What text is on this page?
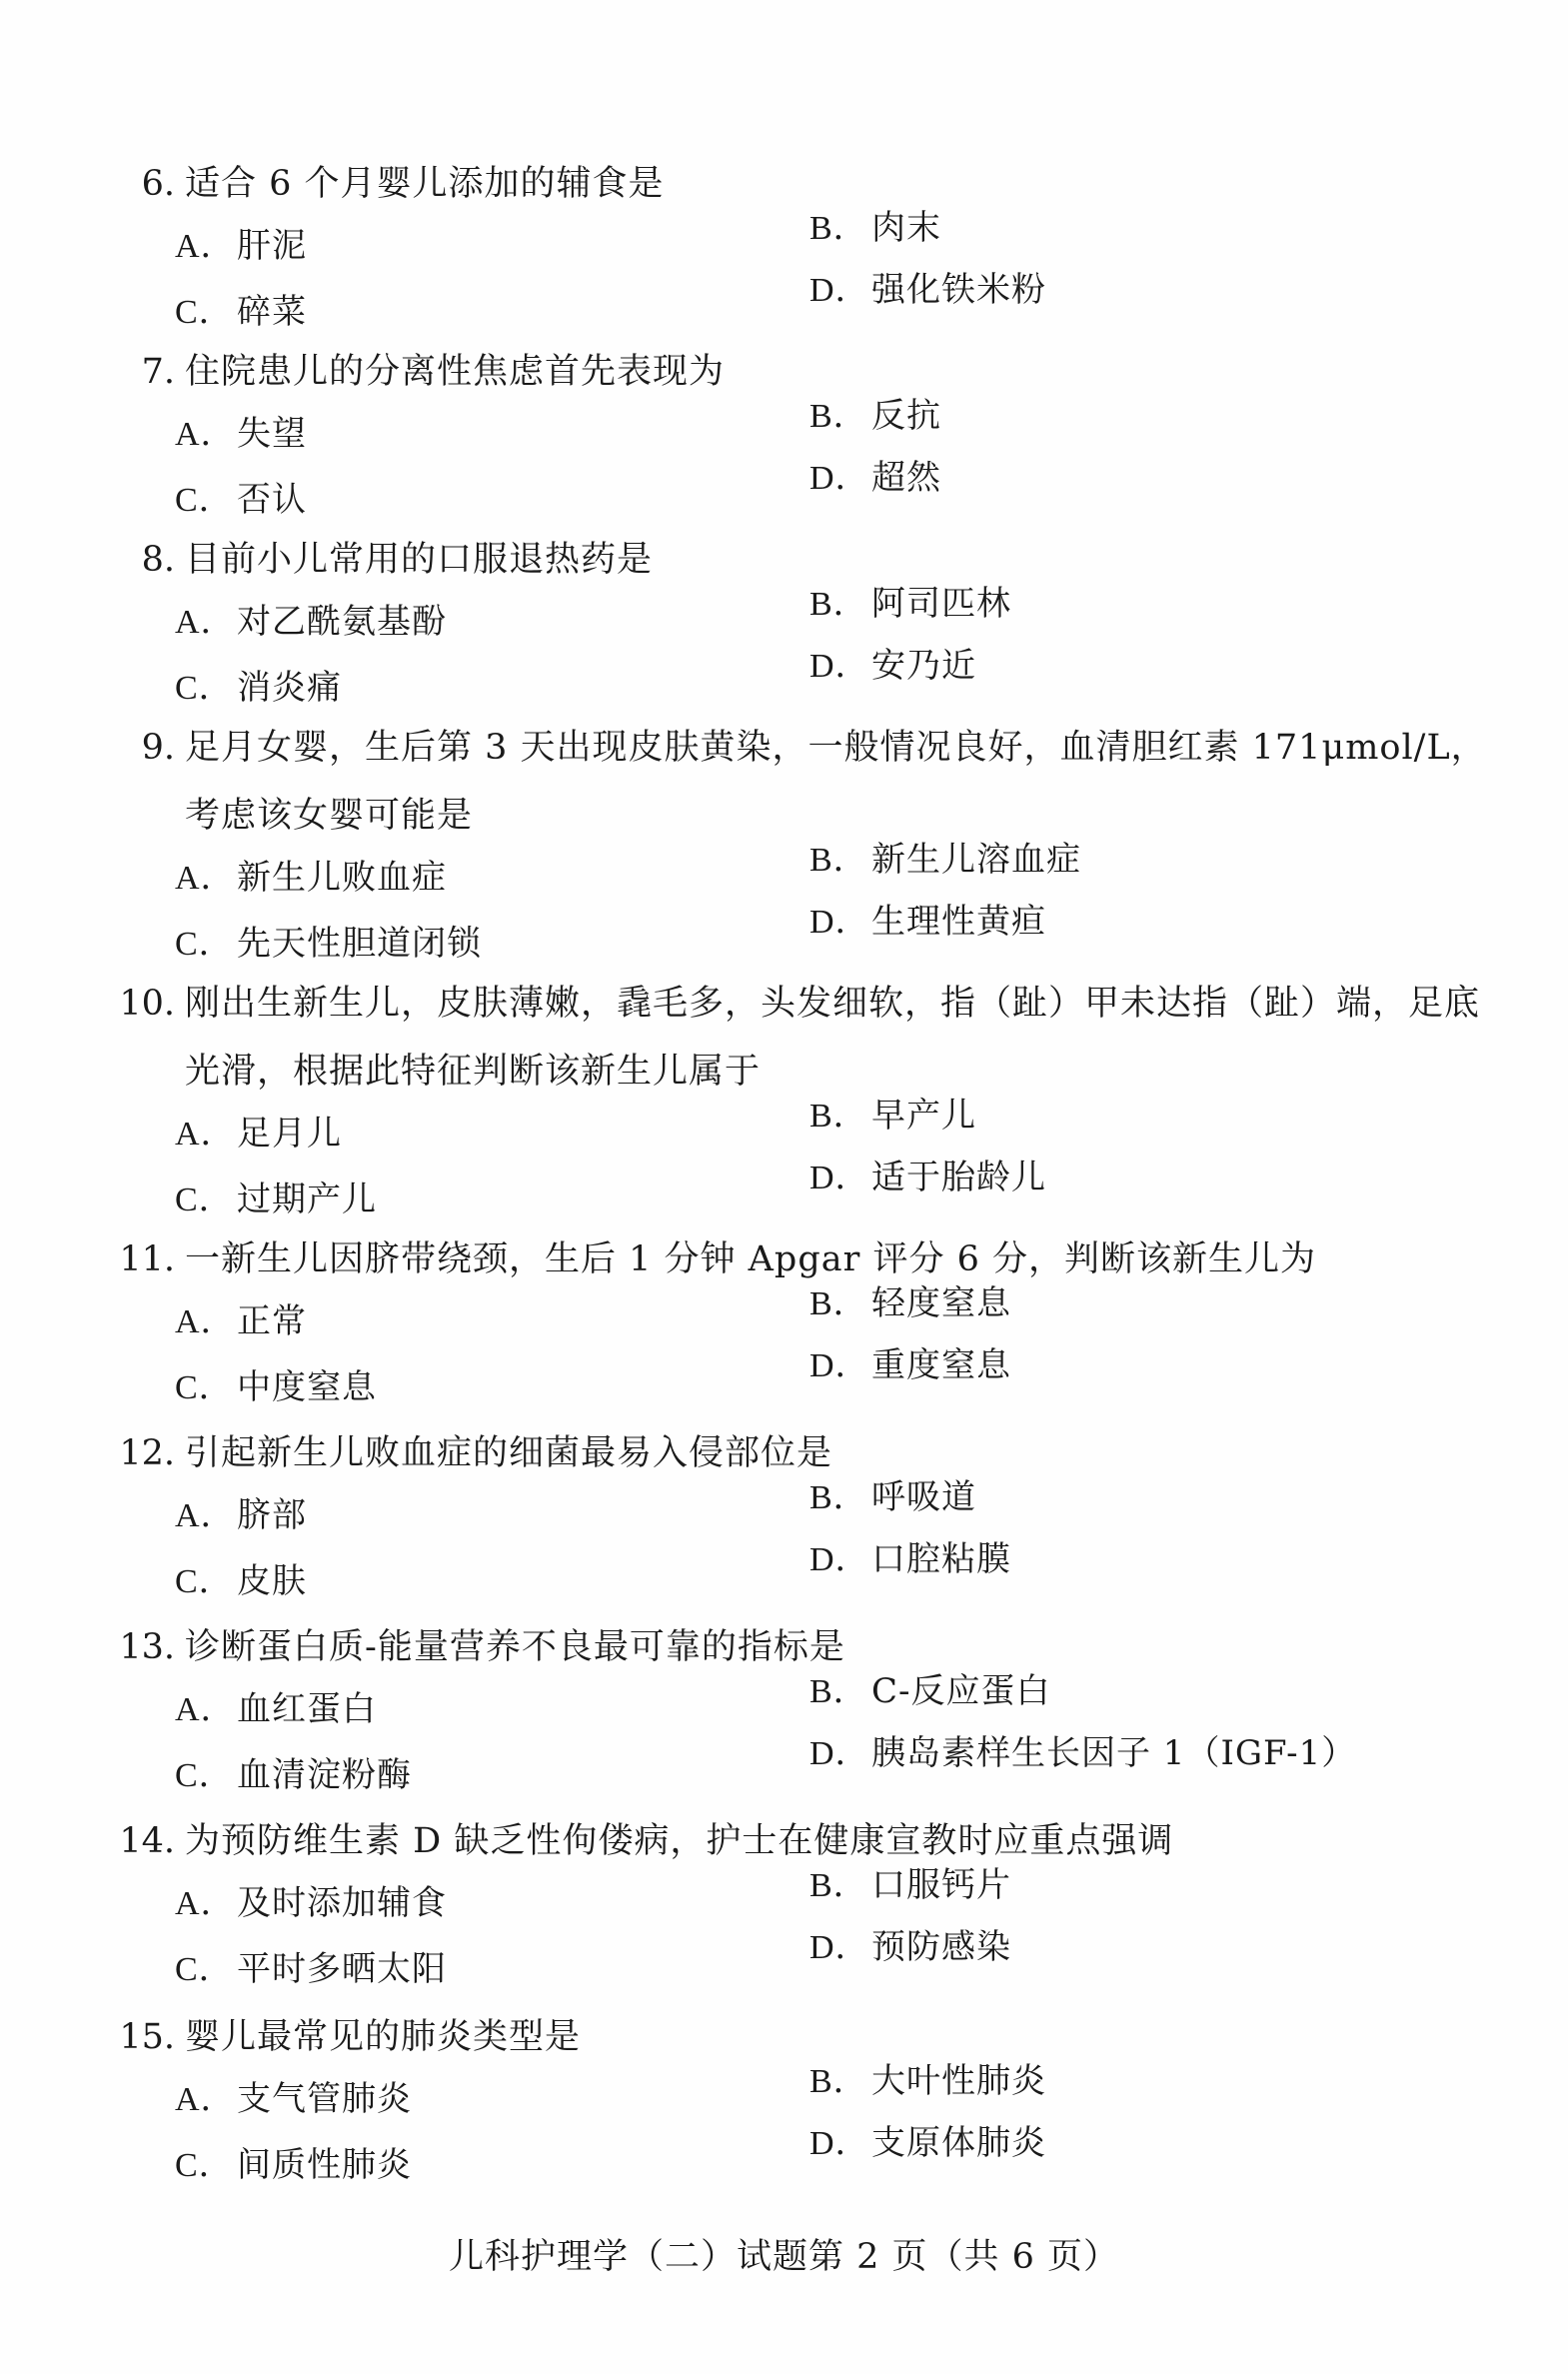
6. 适合 6 个月婴儿添加的辅食是
A．肝泥	B．肉末
C．碎菜
D．强化铁米粉
7. 住院患儿的分离性焦虑首先表现为
A．失望	B．反抗
C．否认
D．超然
8. 目前小儿常用的口服退热药是
A．对乙酰氨基酚	B．阿司匹林
C．消炎痛
D．安乃近
9. 足月女婴，生后第 3 天出现皮肤黄染，一般情况良好，血清胆红素 171μmol/L，考虑该女婴可能是
A．新生儿败血症	B．新生儿溶血症
C．先天性胆道闭锁
D．生理性黄疸
10. 刚出生新生儿，皮肤薄嫩，毳毛多，头发细软，指（趾）甲未达指（趾）端，足底光滑，根据此特征判断该新生儿属于
A．足月儿	B．早产儿
C．过期产儿
D．适于胎龄儿
11. 一新生儿因脐带绕颈，生后 1 分钟 Apgar 评分 6 分，判断该新生儿为
A．正常	B．轻度窒息
C．中度窒息
D．重度窒息
12. 引起新生儿败血症的细菌最易入侵部位是
A．脐部	B．呼吸道
C．皮肤
D．口腔粘膜
13. 诊断蛋白质-能量营养不良最可靠的指标是
A．血红蛋白	B．C-反应蛋白
C．血清淀粉酶
D．胰岛素样生长因子 1（IGF-1）
14. 为预防维生素 D 缺乏性佝偻病，护士在健康宣教时应重点强调
A．及时添加辅食	B．口服钙片
C．平时多晒太阳
D．预防感染
15. 婴儿最常见的肺炎类型是
A．支气管肺炎	B．大叶性肺炎
C．间质性肺炎
D．支原体肺炎
儿科护理学（二）试题第 2 页（共 6 页）
